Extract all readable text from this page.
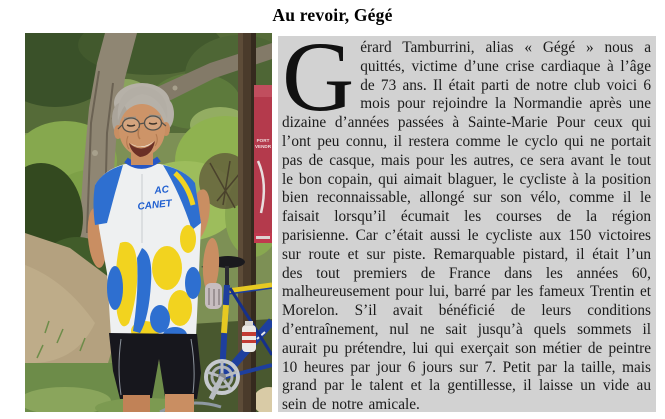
Au revoir, Gégé
PORT
VENDR
AC
CANET

Gérard Tamburrini, alias « Gégé » nous a quittés, victime d’une crise cardiaque à l’âge de 73 ans. Il était parti de notre club voici 6 mois pour rejoindre la Normandie après une dizaine d’années passées à Sainte-Marie Pour ceux qui l’ont peu connu, il restera comme le cyclo qui ne portait pas de casque, mais pour les autres, ce sera avant le tout le bon copain, qui aimait blaguer, le cycliste à la position bien reconnaissable, allongé sur son vélo, comme il le faisait lorsqu’il écumait les courses de la région parisienne. Car c’était aussi le cycliste aux 150 victoires sur route et sur piste. Remarquable pistard, il était l’un des tout premiers de France dans les années 60, malheureusement pour lui, barré par les fameux Trentin et Morelon. S’il avait bénéficié de leurs conditions d’entraînement, nul ne sait jusqu’à quels sommets il aurait pu prétendre, lui qui exerçait son métier de peintre 10 heures par jour 6 jours sur 7. Petit par la taille, mais grand par le talent et la gentillesse, il laisse un vide au sein de notre amicale.
